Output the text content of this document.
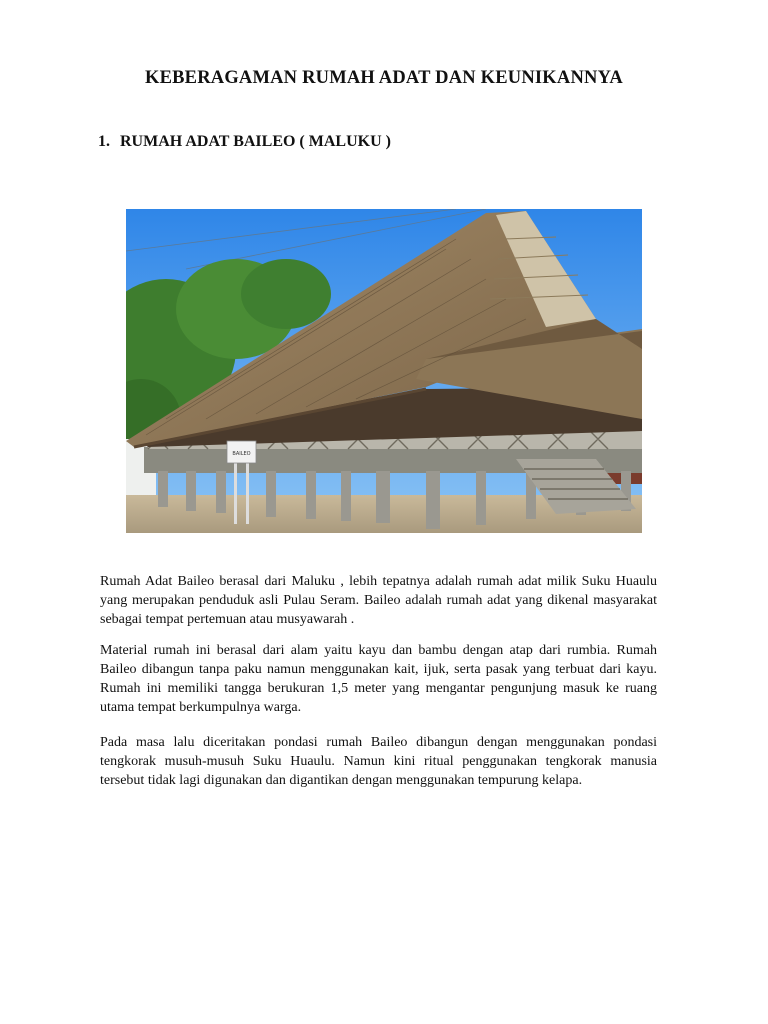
KEBERAGAMAN RUMAH ADAT DAN KEUNIKANNYA
1. RUMAH ADAT BAILEO ( MALUKU )
BAILEO

Rumah Adat Baileo berasal dari Maluku , lebih tepatnya adalah rumah adat milik Suku Huaulu yang merupakan penduduk asli Pulau Seram. Baileo adalah rumah adat yang dikenal masyarakat sebagai tempat pertemuan atau musyawarah .

Material rumah ini berasal dari alam yaitu kayu dan bambu dengan atap dari rumbia. Rumah Baileo dibangun tanpa paku namun menggunakan kait, ijuk, serta pasak yang terbuat dari kayu. Rumah ini memiliki tangga berukuran 1,5 meter yang mengantar pengunjung masuk ke ruang utama tempat berkumpulnya warga.

Pada masa lalu diceritakan pondasi rumah Baileo dibangun dengan menggunakan pondasi tengkorak musuh-musuh Suku Huaulu. Namun kini ritual penggunakan tengkorak manusia tersebut tidak lagi digunakan dan digantikan dengan menggunakan tempurung kelapa.
